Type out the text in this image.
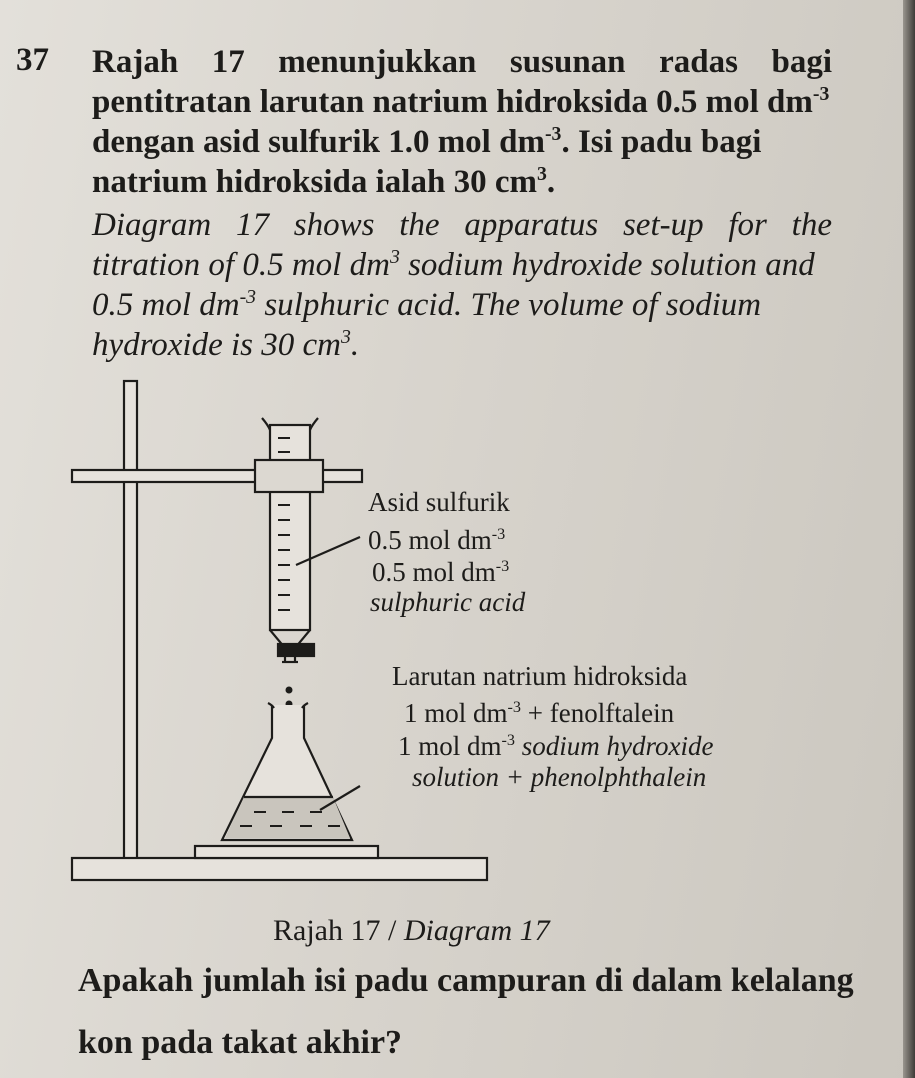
37 Rajah 17 menunjukkan susunan radas bagi
pentitratan larutan natrium hidroksida 0.5 mol $dm^{-3}$
dengan asid sulfurik 1.0 mol $dm^{-3}$. Isi padu bagi
natrium hidroksida ialah 30 $cm^3$.
Diagram 17 shows the apparatus set-up for the
titration of 0.5 mol $dm^3$ sodium hydroxide solution and
0.5 mol $dm^{-3}$ sulphuric acid. The volume of sodium
hydroxide is 30 $cm^3$.
Asid sulfurik
0.5 mol $dm^{-3}$
0.5 mol $dm^{-3}$
sulphuric acid
Larutan natrium hidroksida
1 mol $dm^{-3}$ + fenolftalein
1 mol $dm^{-3}$ sodium hydroxide
solution + phenolphthalein
Rajah 17 / Diagram 17
Apakah jumlah isi padu campuran di dalam kelalang
kon pada takat akhir?
